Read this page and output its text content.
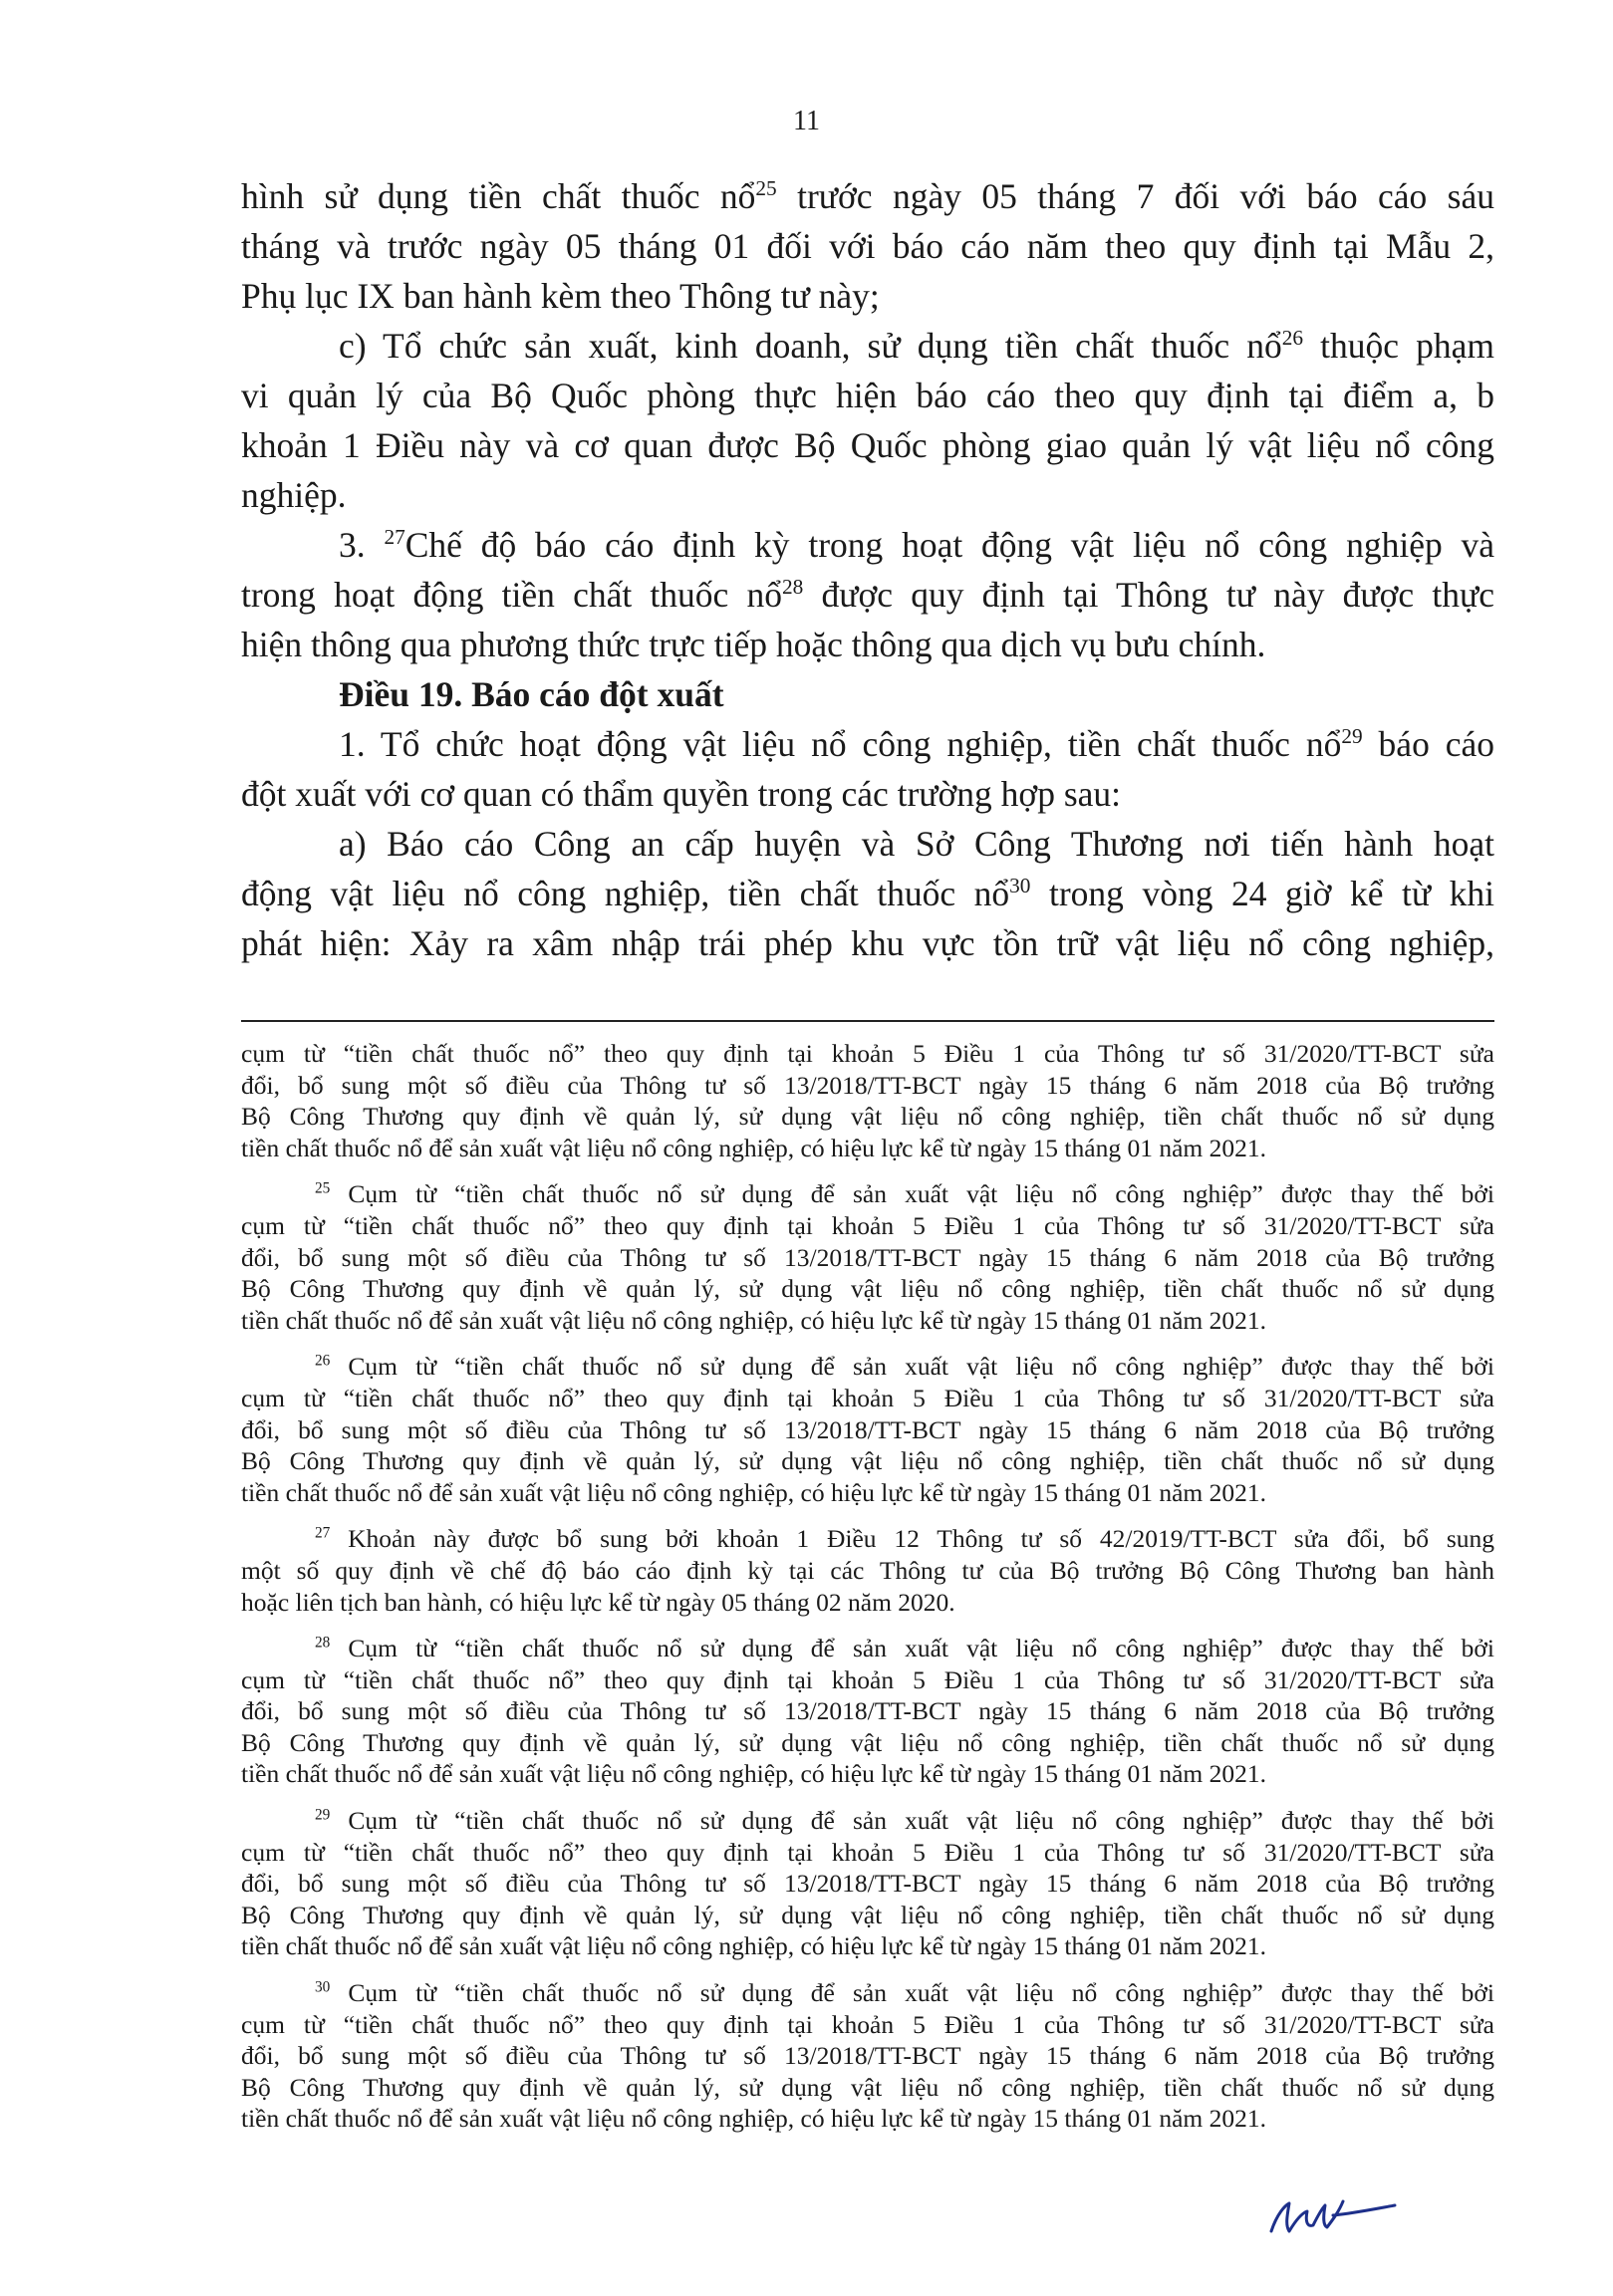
11
hình sử dụng tiền chất thuốc nổ$^{25}$ trước ngày 05 tháng 7 đối với báo cáo sáu
tháng và trước ngày 05 tháng 01 đối với báo cáo năm theo quy định tại Mẫu 2,
Phụ lục IX ban hành kèm theo Thông tư này;
c) Tổ chức sản xuất, kinh doanh, sử dụng tiền chất thuốc nổ$^{26}$ thuộc phạm
vi quản lý của Bộ Quốc phòng thực hiện báo cáo theo quy định tại điểm a, b
khoản 1 Điều này và cơ quan được Bộ Quốc phòng giao quản lý vật liệu nổ công
nghiệp.
3. $^{27}$Chế độ báo cáo định kỳ trong hoạt động vật liệu nổ công nghiệp và
trong hoạt động tiền chất thuốc nổ$^{28}$ được quy định tại Thông tư này được thực
hiện thông qua phương thức trực tiếp hoặc thông qua dịch vụ bưu chính.
Điều 19. Báo cáo đột xuất
1. Tổ chức hoạt động vật liệu nổ công nghiệp, tiền chất thuốc nổ$^{29}$ báo cáo
đột xuất với cơ quan có thẩm quyền trong các trường hợp sau:
a) Báo cáo Công an cấp huyện và Sở Công Thương nơi tiến hành hoạt
động vật liệu nổ công nghiệp, tiền chất thuốc nổ$^{30}$ trong vòng 24 giờ kể từ khi
phát hiện: Xảy ra xâm nhập trái phép khu vực tồn trữ vật liệu nổ công nghiệp,
cụm từ “tiền chất thuốc nổ” theo quy định tại khoản 5 Điều 1 của Thông tư số 31/2020/TT-BCT sửa
đổi, bổ sung một số điều của Thông tư số 13/2018/TT-BCT ngày 15 tháng 6 năm 2018 của Bộ trưởng
Bộ Công Thương quy định về quản lý, sử dụng vật liệu nổ công nghiệp, tiền chất thuốc nổ sử dụng
tiền chất thuốc nổ để sản xuất vật liệu nổ công nghiệp, có hiệu lực kể từ ngày 15 tháng 01 năm 2021.
$^{25}$ Cụm từ “tiền chất thuốc nổ sử dụng để sản xuất vật liệu nổ công nghiệp” được thay thế bởi
cụm từ “tiền chất thuốc nổ” theo quy định tại khoản 5 Điều 1 của Thông tư số 31/2020/TT-BCT sửa
đổi, bổ sung một số điều của Thông tư số 13/2018/TT-BCT ngày 15 tháng 6 năm 2018 của Bộ trưởng
Bộ Công Thương quy định về quản lý, sử dụng vật liệu nổ công nghiệp, tiền chất thuốc nổ sử dụng
tiền chất thuốc nổ để sản xuất vật liệu nổ công nghiệp, có hiệu lực kể từ ngày 15 tháng 01 năm 2021.
$^{26}$ Cụm từ “tiền chất thuốc nổ sử dụng để sản xuất vật liệu nổ công nghiệp” được thay thế bởi
cụm từ “tiền chất thuốc nổ” theo quy định tại khoản 5 Điều 1 của Thông tư số 31/2020/TT-BCT sửa
đổi, bổ sung một số điều của Thông tư số 13/2018/TT-BCT ngày 15 tháng 6 năm 2018 của Bộ trưởng
Bộ Công Thương quy định về quản lý, sử dụng vật liệu nổ công nghiệp, tiền chất thuốc nổ sử dụng
tiền chất thuốc nổ để sản xuất vật liệu nổ công nghiệp, có hiệu lực kể từ ngày 15 tháng 01 năm 2021.
$^{27}$ Khoản này được bổ sung bởi khoản 1 Điều 12 Thông tư số 42/2019/TT-BCT sửa đổi, bổ sung
một số quy định về chế độ báo cáo định kỳ tại các Thông tư của Bộ trưởng Bộ Công Thương ban hành
hoặc liên tịch ban hành, có hiệu lực kể từ ngày 05 tháng 02 năm 2020.
$^{28}$ Cụm từ “tiền chất thuốc nổ sử dụng để sản xuất vật liệu nổ công nghiệp” được thay thế bởi
cụm từ “tiền chất thuốc nổ” theo quy định tại khoản 5 Điều 1 của Thông tư số 31/2020/TT-BCT sửa
đổi, bổ sung một số điều của Thông tư số 13/2018/TT-BCT ngày 15 tháng 6 năm 2018 của Bộ trưởng
Bộ Công Thương quy định về quản lý, sử dụng vật liệu nổ công nghiệp, tiền chất thuốc nổ sử dụng
tiền chất thuốc nổ để sản xuất vật liệu nổ công nghiệp, có hiệu lực kể từ ngày 15 tháng 01 năm 2021.
$^{29}$ Cụm từ “tiền chất thuốc nổ sử dụng để sản xuất vật liệu nổ công nghiệp” được thay thế bởi
cụm từ “tiền chất thuốc nổ” theo quy định tại khoản 5 Điều 1 của Thông tư số 31/2020/TT-BCT sửa
đổi, bổ sung một số điều của Thông tư số 13/2018/TT-BCT ngày 15 tháng 6 năm 2018 của Bộ trưởng
Bộ Công Thương quy định về quản lý, sử dụng vật liệu nổ công nghiệp, tiền chất thuốc nổ sử dụng
tiền chất thuốc nổ để sản xuất vật liệu nổ công nghiệp, có hiệu lực kể từ ngày 15 tháng 01 năm 2021.
$^{30}$ Cụm từ “tiền chất thuốc nổ sử dụng để sản xuất vật liệu nổ công nghiệp” được thay thế bởi
cụm từ “tiền chất thuốc nổ” theo quy định tại khoản 5 Điều 1 của Thông tư số 31/2020/TT-BCT sửa
đổi, bổ sung một số điều của Thông tư số 13/2018/TT-BCT ngày 15 tháng 6 năm 2018 của Bộ trưởng
Bộ Công Thương quy định về quản lý, sử dụng vật liệu nổ công nghiệp, tiền chất thuốc nổ sử dụng
tiền chất thuốc nổ để sản xuất vật liệu nổ công nghiệp, có hiệu lực kể từ ngày 15 tháng 01 năm 2021.
